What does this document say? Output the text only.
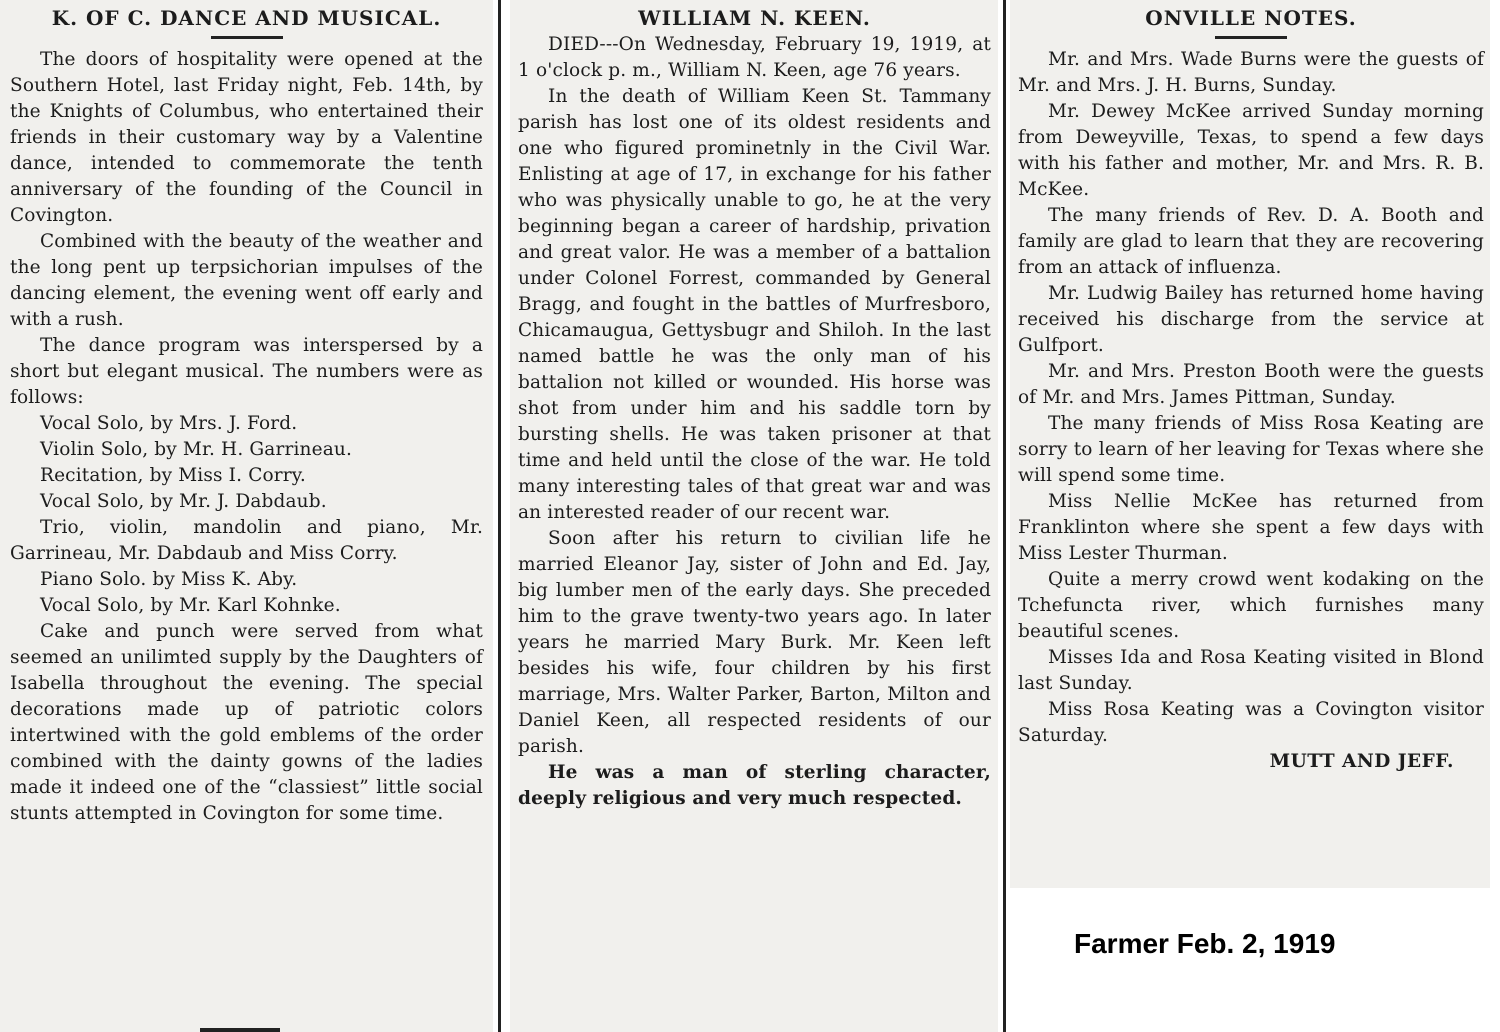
K. OF C. DANCE AND MUSICAL.

The doors of hospitality were opened at the Southern Hotel, last Friday night, Feb. 14th, by the Knights of Columbus, who entertained their friends in their customary way by a Valentine dance, intended to commemorate the tenth anniversary of the founding of the Council in Covington.

Combined with the beauty of the weather and the long pent up terpsichorian impulses of the dancing element, the evening went off early and with a rush.

The dance program was interspersed by a short but elegant musical. The numbers were as follows:

Vocal Solo, by Mrs. J. Ford.

Violin Solo, by Mr. H. Garrineau.

Recitation, by Miss I. Corry.

Vocal Solo, by Mr. J. Dabdaub.

Trio, violin, mandolin and piano, Mr. Garrineau, Mr. Dabdaub and Miss Corry.

Piano Solo. by Miss K. Aby.

Vocal Solo, by Mr. Karl Kohnke.

Cake and punch were served from what seemed an unilimted supply by the Daughters of Isabella throughout the evening. The special decorations made up of patriotic colors intertwined with the gold emblems of the order combined with the dainty gowns of the ladies made it indeed one of the “classiest” little social stunts attempted in Covington for some time.

WILLIAM N. KEEN.

DIED---On Wednesday, February 19, 1919, at 1 o'clock p. m., William N. Keen, age 76 years.

In the death of William Keen St. Tammany parish has lost one of its oldest residents and one who figured prominetnly in the Civil War. Enlisting at age of 17, in exchange for his father who was physically unable to go, he at the very beginning began a career of hardship, privation and great valor. He was a member of a battalion under Colonel Forrest, commanded by General Bragg, and fought in the battles of Murfresboro, Chicamaugua, Gettysbugr and Shiloh. In the last named battle he was the only man of his battalion not killed or wounded. His horse was shot from under him and his saddle torn by bursting shells. He was taken prisoner at that time and held until the close of the war. He told many interesting tales of that great war and was an interested reader of our recent war.

Soon after his return to civilian life he married Eleanor Jay, sister of John and Ed. Jay, big lumber men of the early days. She preceded him to the grave twenty-two years ago. In later years he married Mary Burk. Mr. Keen left besides his wife, four children by his first marriage, Mrs. Walter Parker, Barton, Milton and Daniel Keen, all respected residents of our parish.

He was a man of sterling character, deeply religious and very much respected.

ONVILLE NOTES.

Mr. and Mrs. Wade Burns were the guests of Mr. and Mrs. J. H. Burns, Sunday.

Mr. Dewey McKee arrived Sunday morning from Deweyville, Texas, to spend a few days with his father and mother, Mr. and Mrs. R. B. McKee.

The many friends of Rev. D. A. Booth and family are glad to learn that they are recovering from an attack of influenza.

Mr. Ludwig Bailey has returned home having received his discharge from the service at Gulfport.

Mr. and Mrs. Preston Booth were the guests of Mr. and Mrs. James Pittman, Sunday.

The many friends of Miss Rosa Keating are sorry to learn of her leaving for Texas where she will spend some time.

Miss Nellie McKee has returned from Franklinton where she spent a few days with Miss Lester Thurman.

Quite a merry crowd went kodaking on the Tchefuncta river, which furnishes many beautiful scenes.

Misses Ida and Rosa Keating visited in Blond last Sunday.

Miss Rosa Keating was a Covington visitor Saturday.

MUTT AND JEFF.

Farmer Feb. 2, 1919
